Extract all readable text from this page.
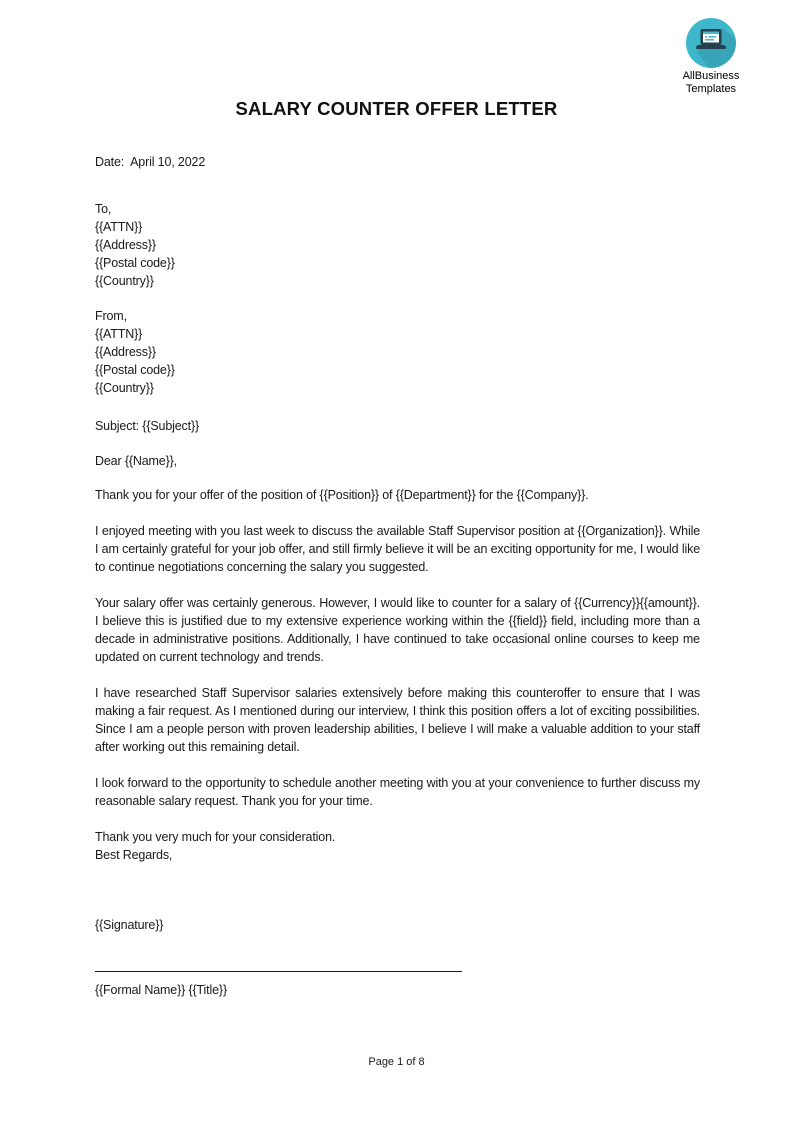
AllBusiness
Templates
SALARY COUNTER OFFER LETTER
Date:  April 10, 2022
To,
{{ATTN}}
{{Address}}
{{Postal code}}
{{Country}}
From,
{{ATTN}}
{{Address}}
{{Postal code}}
{{Country}}
Subject: {{Subject}}
Dear {{Name}},

Thank you for your offer of the position of {{Position}} of {{Department}} for the {{Company}}.

I enjoyed meeting with you last week to discuss the available Staff Supervisor position at {{Organization}}. While I am certainly grateful for your job offer, and still firmly believe it will be an exciting opportunity for me, I would like to continue negotiations concerning the salary you suggested.

Your salary offer was certainly generous. However, I would like to counter for a salary of {{Currency}}{{amount}}. I believe this is justified due to my extensive experience working within the {{field}} field, including more than a decade in administrative positions. Additionally, I have continued to take occasional online courses to keep me updated on current technology and trends.

I have researched Staff Supervisor salaries extensively before making this counteroffer to ensure that I was making a fair request. As I mentioned during our interview, I think this position offers a lot of exciting possibilities. Since I am a people person with proven leadership abilities, I believe I will make a valuable addition to your staff after working out this remaining detail.

I look forward to the opportunity to schedule another meeting with you at your convenience to further discuss my reasonable salary request. Thank you for your time.

Thank you very much for your consideration.
Best Regards,
{{Signature}}
{{Formal Name}} {{Title}}
Page 1 of 8
